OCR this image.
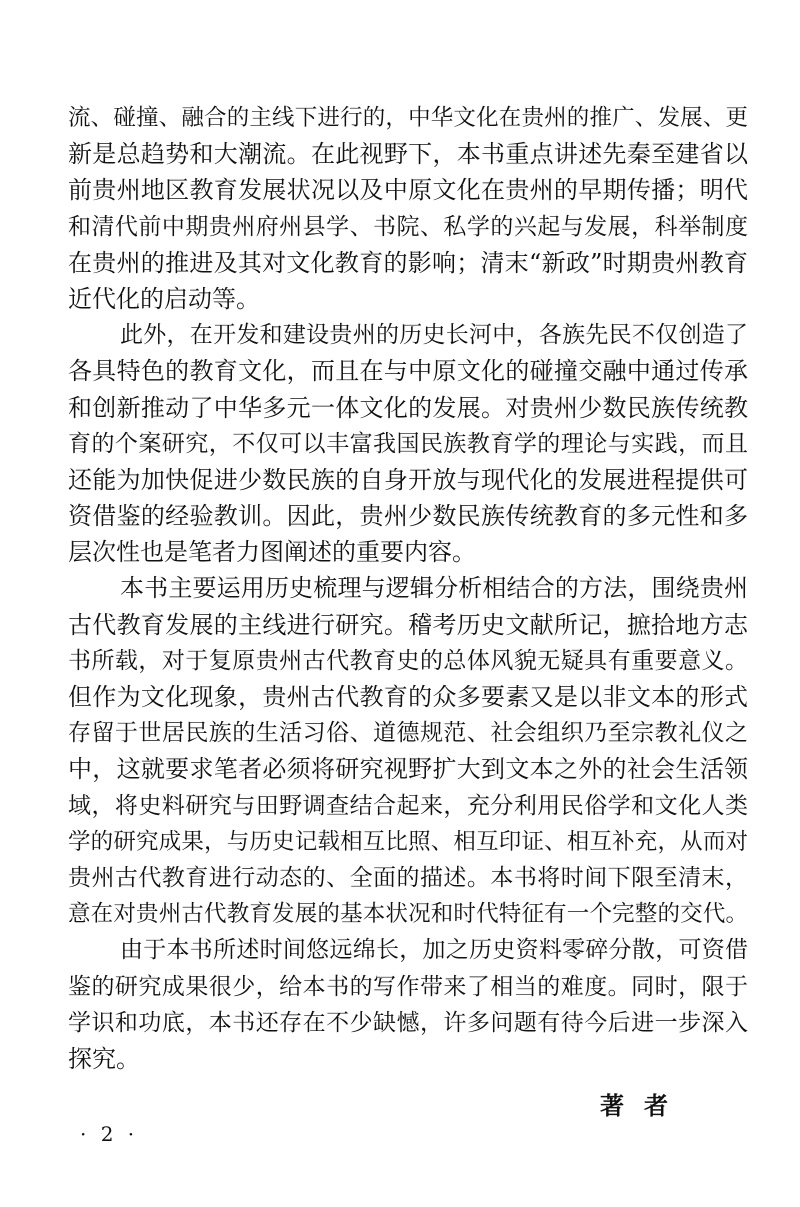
流、碰撞、融合的主线下进行的，中华文化在贵州的推广、发展、更
新是总趋势和大潮流。在此视野下，本书重点讲述先秦至建省以
前贵州地区教育发展状况以及中原文化在贵州的早期传播；明代
和清代前中期贵州府州县学、书院、私学的兴起与发展，科举制度
在贵州的推进及其对文化教育的影响；清末“新政”时期贵州教育
近代化的启动等。
此外，在开发和建设贵州的历史长河中，各族先民不仅创造了
各具特色的教育文化，而且在与中原文化的碰撞交融中通过传承
和创新推动了中华多元一体文化的发展。对贵州少数民族传统教
育的个案研究，不仅可以丰富我国民族教育学的理论与实践，而且
还能为加快促进少数民族的自身开放与现代化的发展进程提供可
资借鉴的经验教训。因此，贵州少数民族传统教育的多元性和多
层次性也是笔者力图阐述的重要内容。
本书主要运用历史梳理与逻辑分析相结合的方法，围绕贵州
古代教育发展的主线进行研究。稽考历史文献所记，摭拾地方志
书所载，对于复原贵州古代教育史的总体风貌无疑具有重要意义。
但作为文化现象，贵州古代教育的众多要素又是以非文本的形式
存留于世居民族的生活习俗、道德规范、社会组织乃至宗教礼仪之
中，这就要求笔者必须将研究视野扩大到文本之外的社会生活领
域，将史料研究与田野调查结合起来，充分利用民俗学和文化人类
学的研究成果，与历史记载相互比照、相互印证、相互补充，从而对
贵州古代教育进行动态的、全面的描述。本书将时间下限至清末，
意在对贵州古代教育发展的基本状况和时代特征有一个完整的交代。
由于本书所述时间悠远绵长，加之历史资料零碎分散，可资借
鉴的研究成果很少，给本书的写作带来了相当的难度。同时，限于
学识和功底，本书还存在不少缺憾，许多问题有待今后进一步深入
探究。
著者
· 2 ·
